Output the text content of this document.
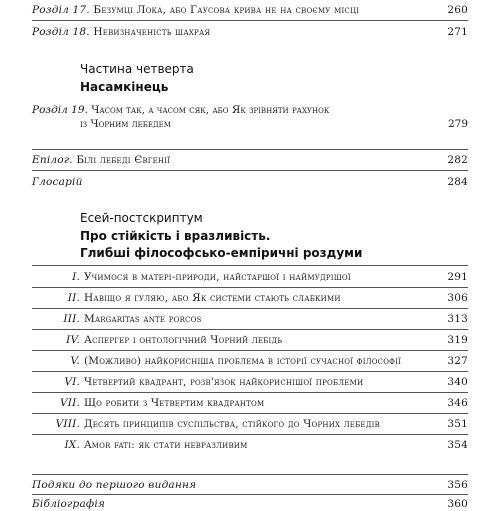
Розділ 17. Безумці Лока, або Гаусова крива не на своєму місці	260
Розділ 18. Невизначеність шахрая	271
Частина четверта
Насамкінець
Розділ 19. Часом так, а часом сяк, або Як зрівняти рахунок
із Чорним лебедем	279
Епілог. Білі лебеді Євгенії	282
Глосарій	284
Есей-постскриптум
Про стійкість і вразливість.
Глибші філософсько-емпіричні роздуми
I. Учимося в матері-природи, найстаршої і наймудрішої	291
II. Навіщо я гуляю, або Як системи стають слабкими	306
III. Margaritas ante porcos	313
IV. Аспергер і онтологічний Чорний лебідь	319
V. (Можливо) найкорисніша проблема в історії сучасної філософії	327
VI. Четвертий квадрант, розв'язок найкориснішої проблеми	340
VII. Що робити з Четвертим квадрантом	346
VIII. Десять принципів суспільства, стійкого до Чорних лебедів	351
IX. Amor fati: як стати невразливим	354
Подяки до першого видання	356
Бібліографія	360
